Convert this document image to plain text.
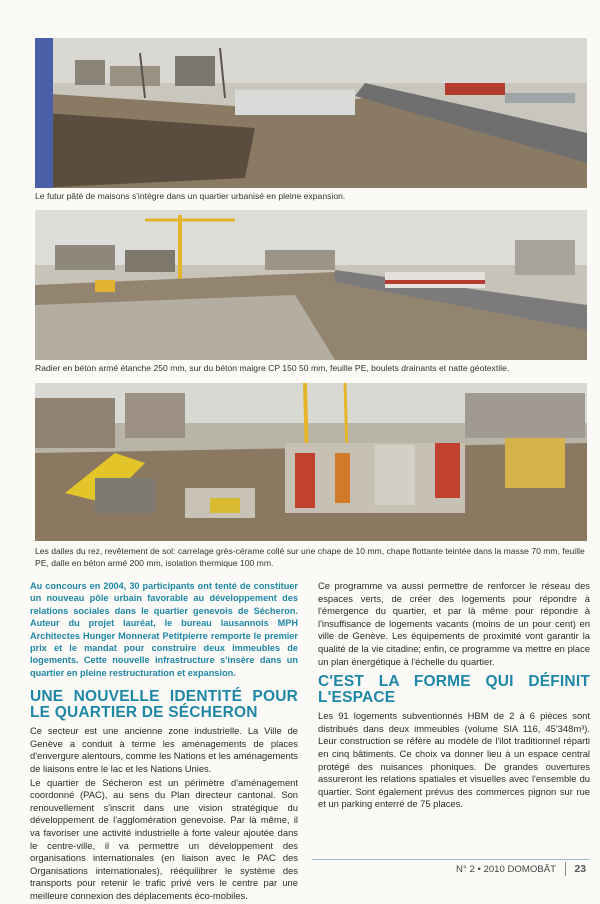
Le futur pâté de maisons s'intègre dans un quartier urbanisé en pleine expansion.
Radier en béton armé étanche 250 mm, sur du béton maigre CP 150 50 mm, feuille PE, boulets drainants et natte géotextile.
Les dalles du rez, revêtement de sol: carrelage grès-cérame collé sur une chape de 10 mm, chape flottante teintée dans la masse 70 mm, feuille PE, dalle en béton armé 200 mm, isolation thermique 100 mm.

Au concours en 2004, 30 participants ont tenté de constituer un nouveau pôle urbain favorable au développement des relations sociales dans le quartier genevois de Sécheron. Auteur du projet lauréat, le bureau lausannois MPH Architectes Hunger Monnerat Petitpierre remporte le premier prix et le mandat pour construire deux immeubles de logements. Cette nouvelle infrastructure s'insère dans un quartier en pleine restructuration et expansion.

UNE NOUVELLE IDENTITÉ POUR LE QUARTIER DE SÉCHERON

Ce secteur est une ancienne zone industrielle. La Ville de Genève a conduit à terme les aménagements de places d'envergure alentours, comme les Nations et les aménagements de liaisons entre le lac et les Nations Unies.

Le quartier de Sécheron est un périmètre d'aménagement coordonné (PAC), au sens du Plan directeur cantonal. Son renouvellement s'inscrit dans une vision stratégique du développement de l'agglomération genevoise. Par là même, il va favoriser une activité industrielle à forte valeur ajoutée dans le centre-ville, il va permettre un développement des organisations internationales (en liaison avec le PAC des Organisations internationales), rééquilibrer le système des transports pour retenir le trafic privé vers le centre par une meilleure connexion des déplacements éco-mobiles.

Ce programme va aussi permettre de renforcer le réseau des espaces verts, de créer des logements pour répondre à l'émergence du quartier, et par là même pour répondre à l'insuffisance de logements vacants (moins de un pour cent) en ville de Genève. Les équipements de proximité vont garantir la qualité de la vie citadine; enfin, ce programme va mettre en place un plan énergétique à l'échelle du quartier.

C'EST LA FORME QUI DÉFINIT L'ESPACE

Les 91 logements subventionnés HBM de 2 à 6 pièces sont distribués dans deux immeubles (volume SIA 116, 45'348m³). Leur construction se réfère au modèle de l'ilot traditionnel réparti en cinq bâtiments. Ce choix va donner lieu à un espace central protégé des nuisances phoniques. De grandes ouvertures assureront les relations spatiales et visuelles avec l'ensemble du quartier. Sont également prévus des commerces pignon sur rue et un parking enterré de 75 places.

N° 2 • 2010 DOMOBÂT 23
